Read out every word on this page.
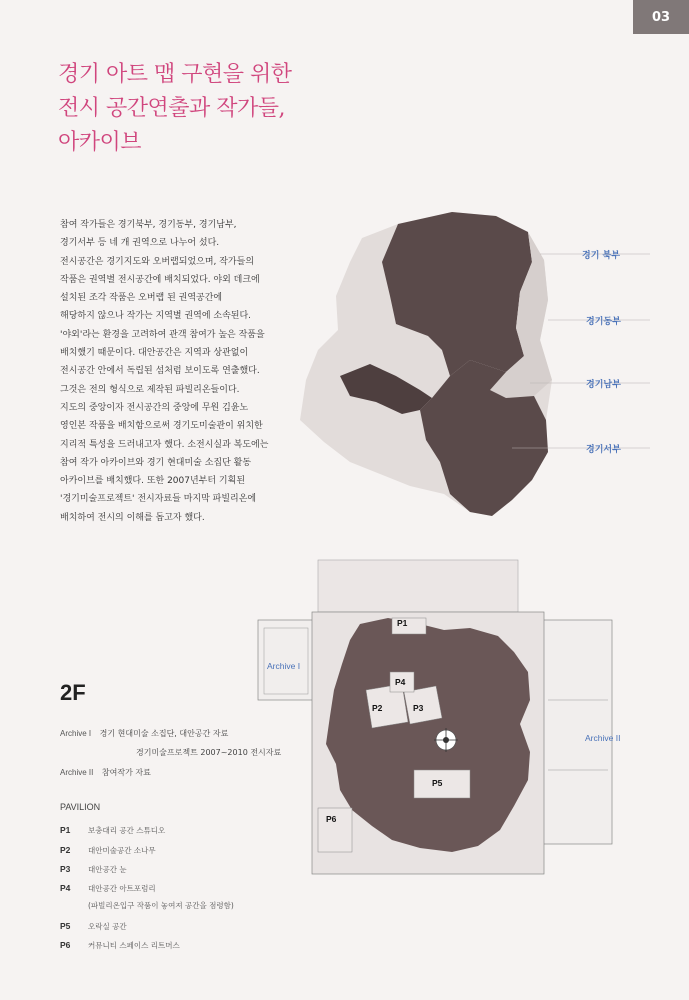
03
경기 아트 맵 구현을 위한
전시 공간연출과 작가들,
아카이브

참여 작가들은 경기북부, 경기동부, 경기남부,
경기서부 등 네 개 권역으로 나누어 섰다.
전시공간은 경기지도와 오버랩되었으며, 작가들의
작품은 권역별 전시공간에 배치되었다. 야외 데크에
설치된 조각 작품은 오버랩 된 권역공간에
해당하지 않으나 작가는 지역별 권역에 소속된다.
'야외'라는 환경을 고려하여 관객 참여가 높은 작품을
배치했기 때문이다. 대안공간은 지역과 상관없이
전시공간 안에서 독립된 섬처럼 보이도록 연출했다.
그것은 전의 형식으로 제작된 파빌리온들이다.
지도의 중앙이자 전시공간의 중앙에 무원 김윤노
영인본 작품을 배치함으로써 경기도미술관이 위치한
지리적 특성을 드러내고자 했다. 소전시실과 복도에는
참여 작가 아카이브와 경기 현대미술 소집단 활동
아카이브를 배치했다. 또한 2007년부터 기획된
'경기미술프로젝트' 전시자료들 마지막 파빌리온에
배치하여 전시의 이해를 돕고자 했다.

경기 북부
경기동부
경기남부
경기서부
P1
P2	P3
P4
P5
P6
Archive I
Archive II
2F
Archive I 경기 현대미술 소집단, 대안공간 자료
경기미술프로젝트 2007~2010 전시자료
Archive II 참여작가 자료
PAVILION
P1 보충대리 공간 스튜디오
P2 대안미술공간 소나무
P3 대안공간 눈
P4 대안공간 아트포럼리
(파빌리온입구 작품이 놓여져 공간을 점령함)
P5 오락실 공간
P6 커뮤니티 스페이스 리트머스
